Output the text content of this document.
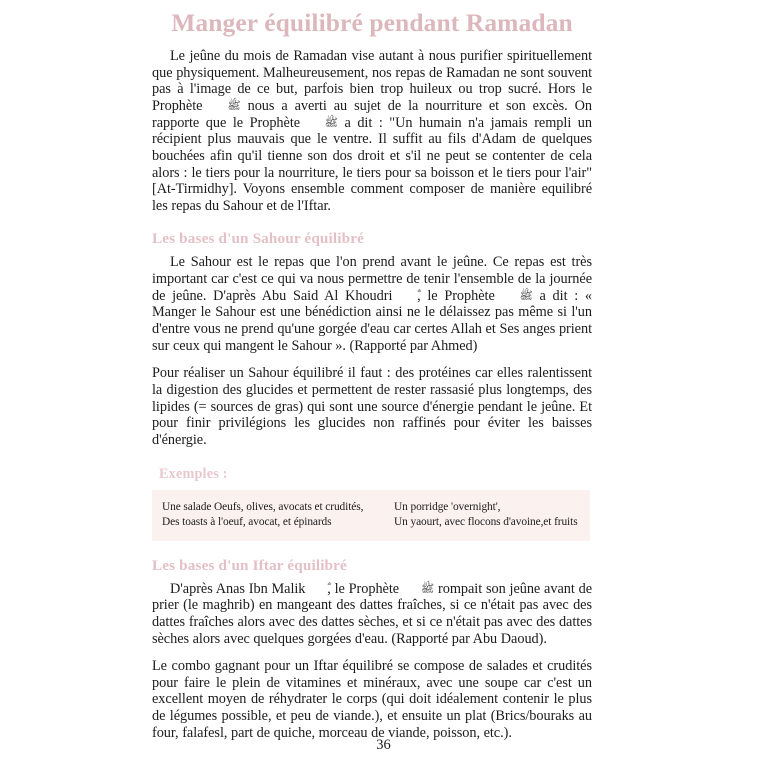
Manger équilibré pendant Ramadan

Le jeûne du mois de Ramadan vise autant à nous purifier spirituellement que physiquement. Malheureusement, nos repas de Ramadan ne sont souvent pas à l'image de ce but, parfois bien trop huileux ou trop sucré. Hors le Prophète ﷺ nous a averti au sujet de la nourriture et son excès. On rapporte que le Prophète ﷺ a dit : "Un humain n'a jamais rempli un récipient plus mauvais que le ventre. Il suffit au fils d'Adam de quelques bouchées afin qu'il tienne son dos droit et s'il ne peut se contenter de cela alors : le tiers pour la nourriture, le tiers pour sa boisson et le tiers pour l'air" [At-Tirmidhy]. Voyons ensemble comment composer de manière equilibré les repas du Sahour et de l'Iftar.

Les bases d'un Sahour équilibré

Le Sahour est le repas que l'on prend avant le jeûne. Ce repas est très important car c'est ce qui va nous permettre de tenir l'ensemble de la journée de jeûne. D'après Abu Said Al Khoudri , le Prophète ﷺ a dit : « Manger le Sahour est une bénédiction ainsi ne le délaissez pas même si l'un d'entre vous ne prend qu'une gorgée d'eau car certes Allah et Ses anges prient sur ceux qui mangent le Sahour ». (Rapporté par Ahmed)

Pour réaliser un Sahour équilibré il faut : des protéines car elles ralentissent la digestion des glucides et permettent de rester rassasié plus longtemps, des lipides (= sources de gras) qui sont une source d'énergie pendant le jeûne. Et pour finir privilégions les glucides non raffinés pour éviter les baisses d'énergie.

Exemples :
Une salade Oeufs, olives, avocats et crudités,
Des toasts à l'oeuf, avocat, et épinards
Un porridge 'overnight',
Un yaourt, avec flocons d'avoine,et fruits
Les bases d'un Iftar équilibré

D'après Anas Ibn Malik , le Prophète ﷺ rompait son jeûne avant de prier (le maghrib) en mangeant des dattes fraîches, si ce n'était pas avec des dattes fraîches alors avec des dattes sèches, et si ce n'était pas avec des dattes sèches alors avec quelques gorgées d'eau. (Rapporté par Abu Daoud).

Le combo gagnant pour un Iftar équilibré se compose de salades et crudités pour faire le plein de vitamines et minéraux, avec une soupe car c'est un excellent moyen de réhydrater le corps (qui doit idéalement contenir le plus de légumes possible, et peu de viande.), et ensuite un plat (Brics/bouraks au four, falafesl, part de quiche, morceau de viande, poisson, etc.).

36
